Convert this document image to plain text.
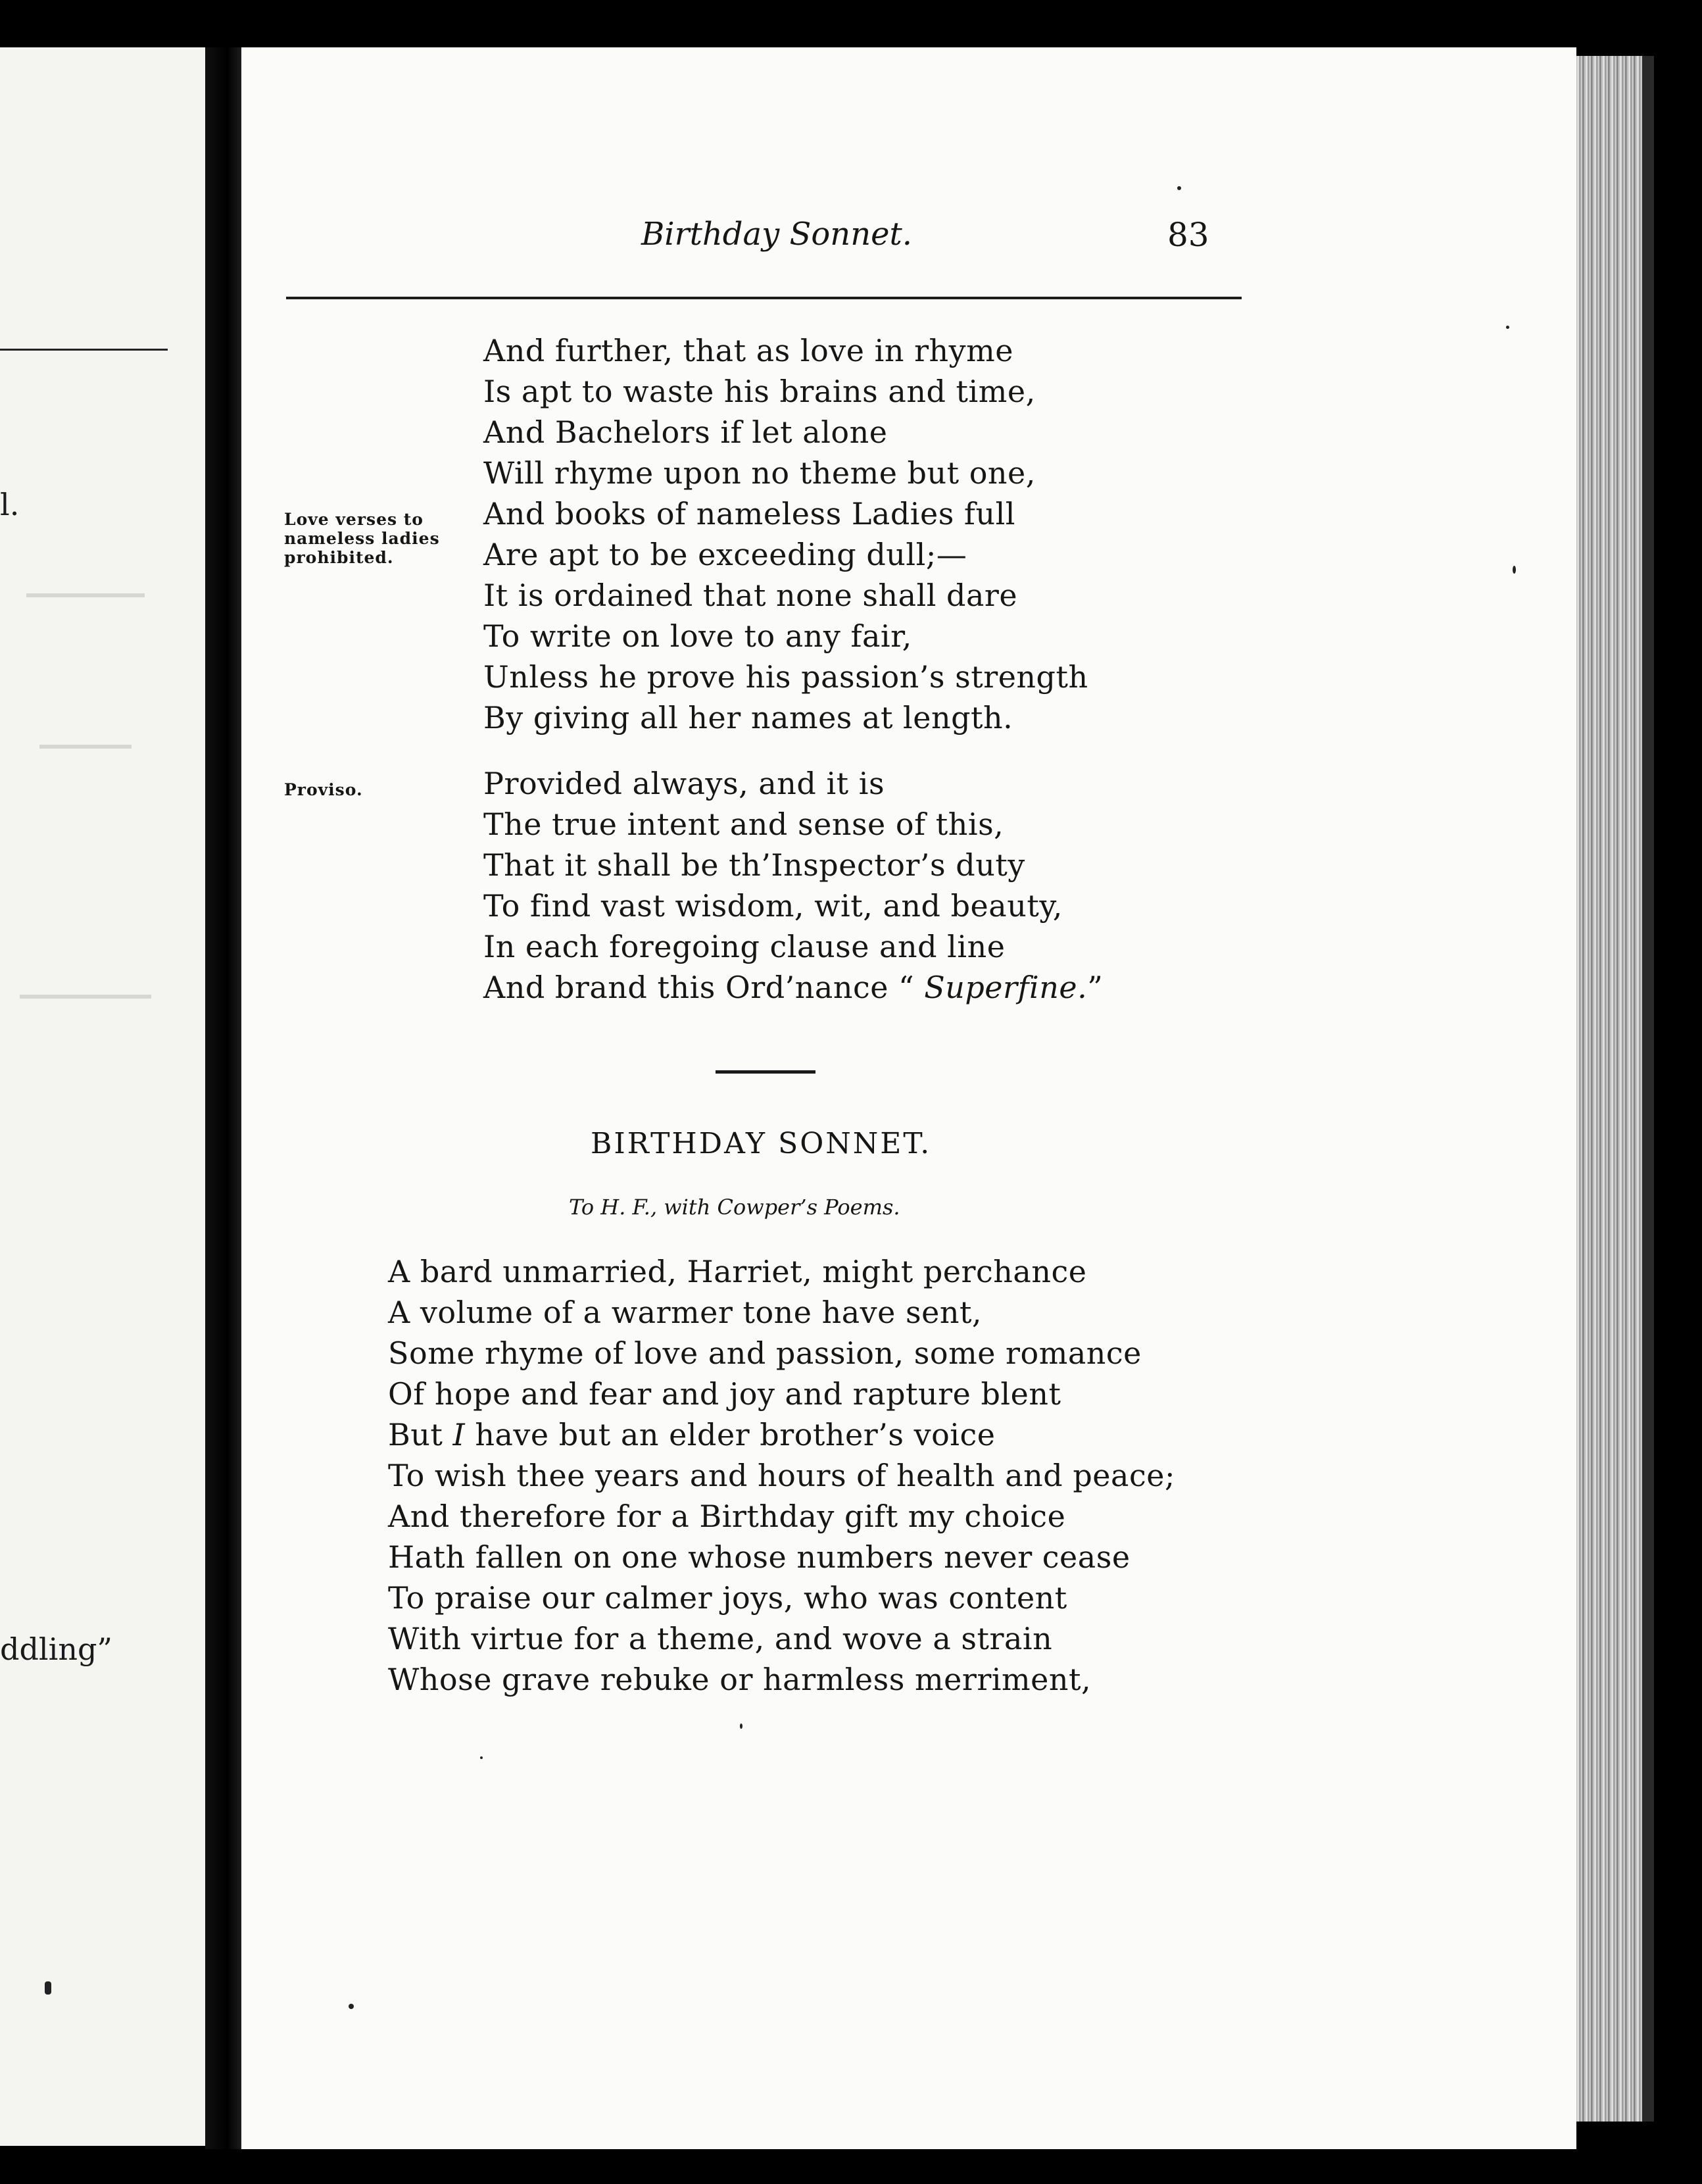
l.
ddling”
Birthday Sonnet.	83
And further, that as love in rhyme
Is apt to waste his brains and time,
And Bachelors if let alone
Will rhyme upon no theme but one,
And books of nameless Ladies full
Are apt to be exceeding dull;—
It is ordained that none shall dare
To write on love to any fair,
Unless he prove his passion’s strength
By giving all her names at length.
Love verses to
nameless ladies
prohibited.
Proviso.	Provided always, and it is
The true intent and sense of this,
That it shall be th’Inspector’s duty
To find vast wisdom, wit, and beauty,
In each foregoing clause and line
And brand this Ord’nance “ Superfine.”
BIRTHDAY SONNET.
To H. F., with Cowper’s Poems.
A bard unmarried, Harriet, might perchance
A volume of a warmer tone have sent,
Some rhyme of love and passion, some romance
Of hope and fear and joy and rapture blent
But I have but an elder brother’s voice
To wish thee years and hours of health and peace;
And therefore for a Birthday gift my choice
Hath fallen on one whose numbers never cease
To praise our calmer joys, who was content
With virtue for a theme, and wove a strain
Whose grave rebuke or harmless merriment,
